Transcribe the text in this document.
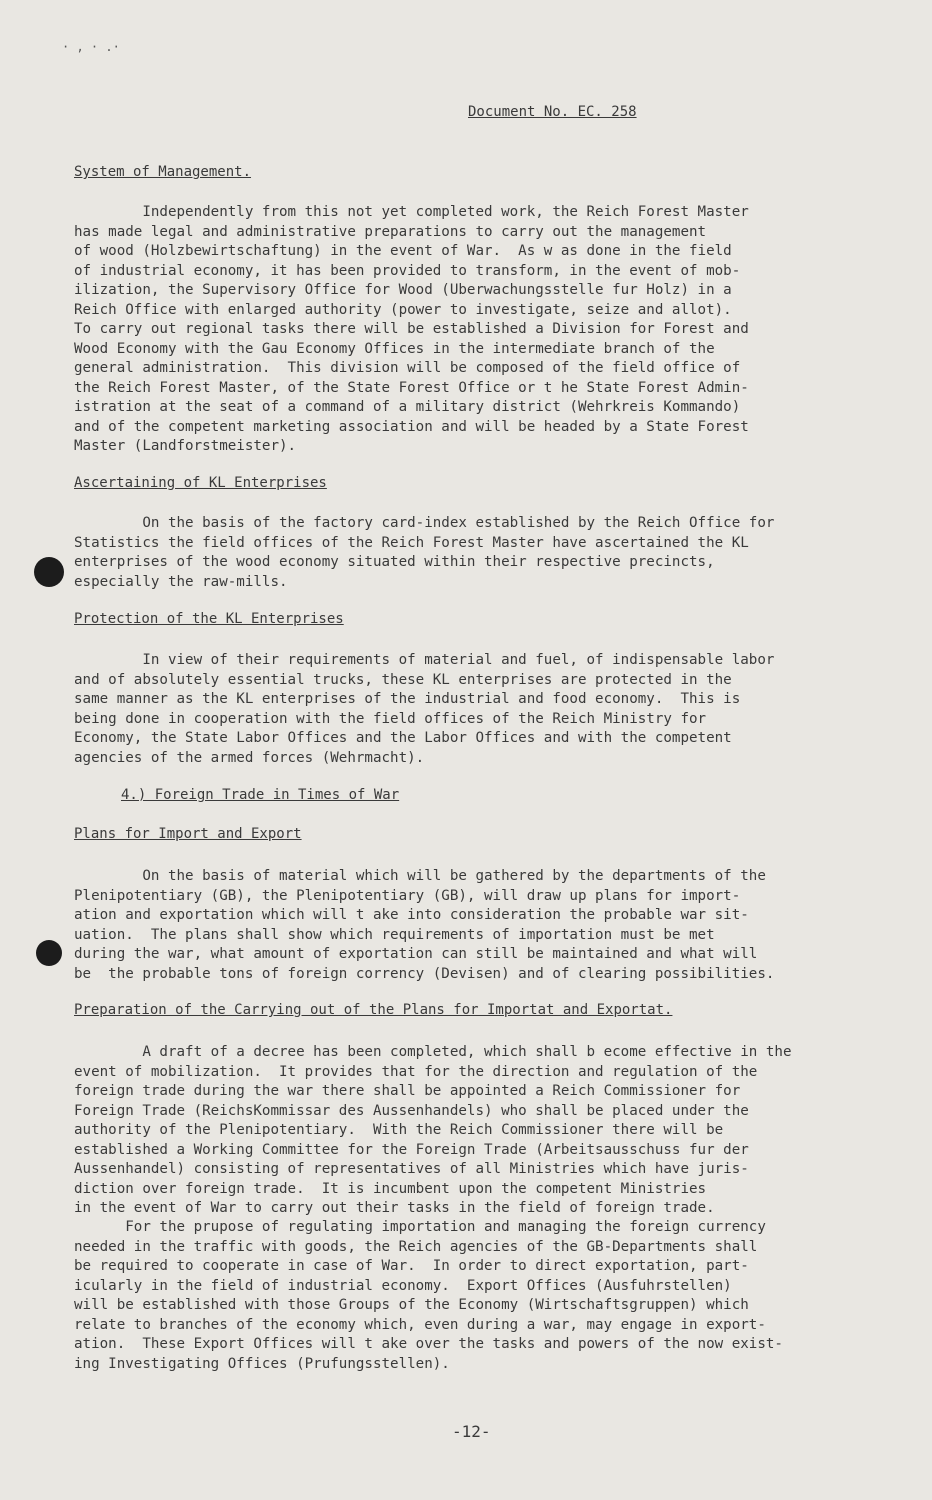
· , · .·
Document No. EC. 258
System of Management.
Independently from this not yet completed work, the Reich Forest Master
has made legal and administrative preparations to carry out the management
of wood (Holzbewirtschaftung) in the event of War.  As w as done in the field
of industrial economy, it has been provided to transform, in the event of mob-
ilization, the Supervisory Office for Wood (Uberwachungsstelle fur Holz) in a
Reich Office with enlarged authority (power to investigate, seize and allot).
To carry out regional tasks there will be established a Division for Forest and
Wood Economy with the Gau Economy Offices in the intermediate branch of the
general administration.  This division will be composed of the field office of
the Reich Forest Master, of the State Forest Office or t he State Forest Admin-
istration at the seat of a command of a military district (Wehrkreis Kommando)
and of the competent marketing association and will be headed by a State Forest
Master (Landforstmeister).
Ascertaining of KL Enterprises
On the basis of the factory card-index established by the Reich Office for
Statistics the field offices of the Reich Forest Master have ascertained the KL
enterprises of the wood economy situated within their respective precincts,
especially the raw-mills.
Protection of the KL Enterprises
In view of their requirements of material and fuel, of indispensable labor
and of absolutely essential trucks, these KL enterprises are protected in the
same manner as the KL enterprises of the industrial and food economy.  This is
being done in cooperation with the field offices of the Reich Ministry for
Economy, the State Labor Offices and the Labor Offices and with the competent
agencies of the armed forces (Wehrmacht).
4.) Foreign Trade in Times of War
Plans for Import and Export
On the basis of material which will be gathered by the departments of the
Plenipotentiary (GB), the Plenipotentiary (GB), will draw up plans for import-
ation and exportation which will t ake into consideration the probable war sit-
uation.  The plans shall show which requirements of importation must be met
during the war, what amount of exportation can still be maintained and what will
be  the probable tons of foreign correncу (Devisen) and of clearing possibilities.
Preparation of the Carrying out of the Plans for Importat and Exportat.
A draft of a decree has been completed, which shall b ecome effective in the
event of mobilization.  It provides that for the direction and regulation of the
foreign trade during the war there shall be appointed a Reich Commissioner for
Foreign Trade (ReichsKommissar des Aussenhandels) who shall be placed under the
authority of the Plenipotentiary.  With the Reich Commissioner there will be
established a Working Committee for the Foreign Trade (Arbeitsausschuss fur der
Aussenhandel) consisting of representatives of all Ministries which have juris-
diction over foreign trade.  It is incumbent upon the competent Ministries
in the event of War to carry out their tasks in the field of foreign trade.
For the prupose of regulating importation and managing the foreign currency
needed in the traffic with goods, the Reich agencies of the GB-Departments shall
be required to cooperate in case of War.  In order to direct exportation, part-
icularly in the field of industrial economy.  Export Offices (Ausfuhrstellen)
will be established with those Groups of the Economy (Wirtschaftsgruppen) which
relate to branches of the economy which, even during a war, may engage in export-
ation.  These Export Offices will t ake over the tasks and powers of the now exist-
ing Investigating Offices (Prufungsstellen).
-12-
